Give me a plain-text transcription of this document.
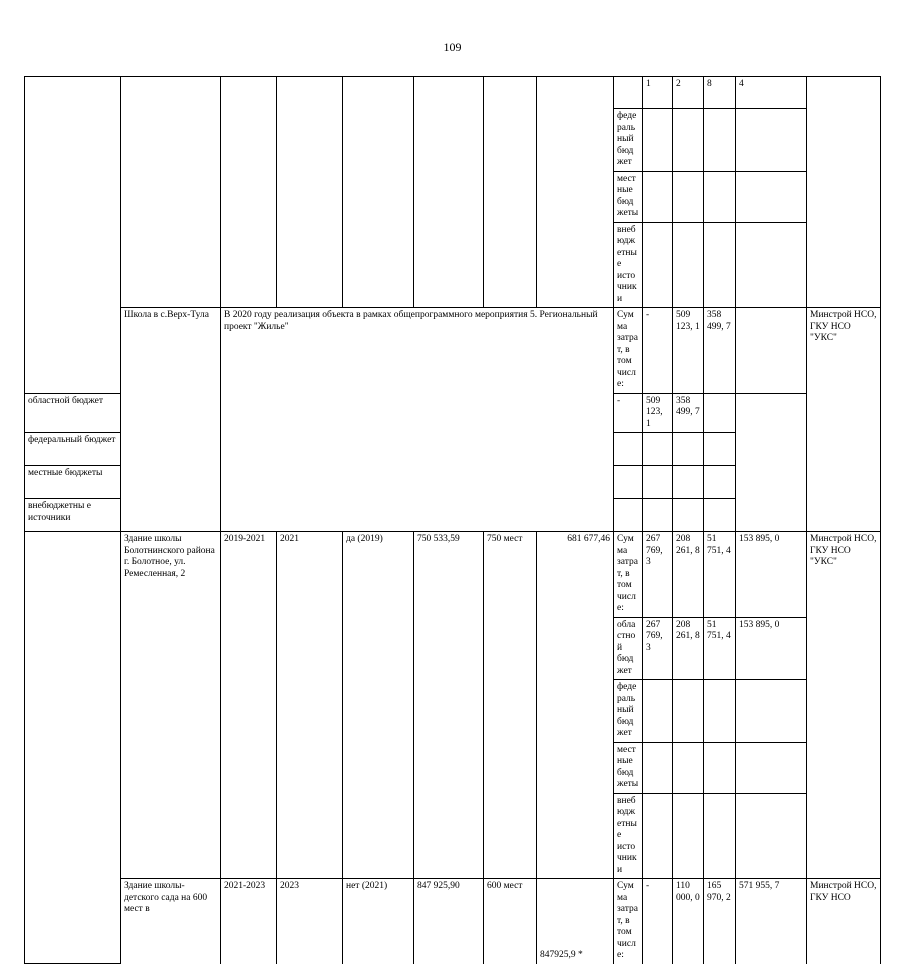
109
									1	2	8	4	
								федеральный бюджет					
								местные бюджеты					
								внебюджетны е источники					
	Школа в с.Верх-Тула	В 2020 году реализация объекта в рамках общепрограммного мероприятия 5. Региональный проект "Жилье"						Сумма затрат, в том числе:	-	509 123, 1	358 499, 7		Минстрой НСО, ГКУ НСО "УКС"
областной бюджет								-	509 123, 1	358 499, 7			
федеральный бюджет													
местные бюджеты													
внебюджетны е источники													
	Здание школы Болотнинского района г. Болотное, ул. Ремесленная, 2	2019-2021	2021	да (2019)	750 533,59	750 мест	681 677,46	Сумма затрат, в том числе:	267 769, 3	208 261, 8	51 751, 4	153 895, 0	Минстрой НСО, ГКУ НСО "УКС"
								областной бюджет	267 769, 3	208 261, 8	51 751, 4	153 895, 0	
								федеральный бюджет					
								местные бюджеты					
								внебюджетны е источники					
	Здание школы-детского сада на 600 мест в	2021-2023	2023	нет (2021)	847 925,90	600 мест	847925,9 *	Сумма затрат, в том числе:	-	110 000, 0	165 970, 2	571 955, 7	Минстрой НСО, ГКУ НСО
